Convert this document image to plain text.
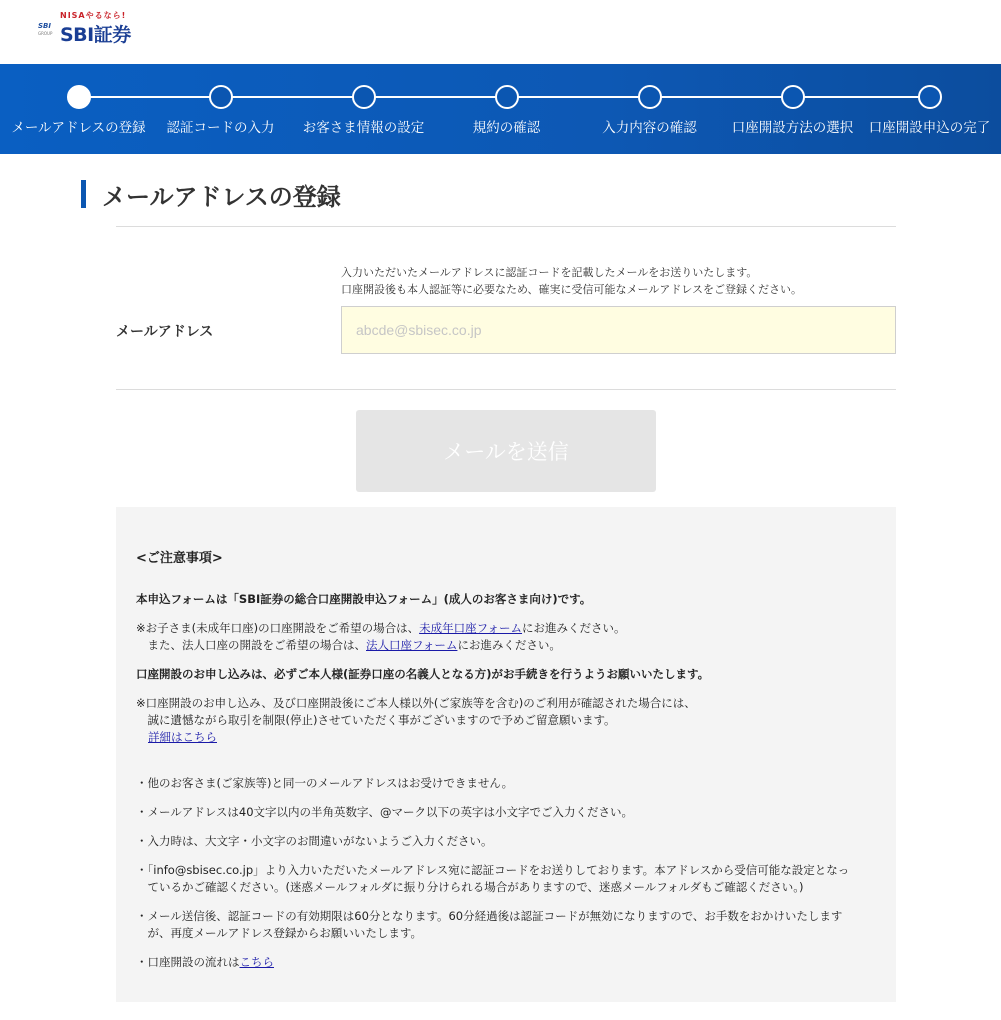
NISAやるなら!
SBI
GROUP SBI証券
メールアドレスの登録	認証コードの入力	お客さま情報の設定	規約の確認	入力内容の確認	口座開設方法の選択	口座開設申込の完了
メールアドレスの登録
入力いただいたメールアドレスに認証コードを記載したメールをお送りいたします。
口座開設後も本人認証等に必要なため、確実に受信可能なメールアドレスをご登録ください。
メールアドレス
abcde@sbisec.co.jp
メールを送信
<ご注意事項>
本申込フォームは「SBI証券の総合口座開設申込フォーム」(成人のお客さま向け)です。
※お子さま(未成年口座)の口座開設をご希望の場合は、未成年口座フォームにお進みください。
　また、法人口座の開設をご希望の場合は、法人口座フォームにお進みください。
口座開設のお申し込みは、必ずご本人様(証券口座の名義人となる方)がお手続きを行うようお願いいたします。
※口座開設のお申し込み、及び口座開設後にご本人様以外(ご家族等を含む)のご利用が確認された場合には、
　誠に遺憾ながら取引を制限(停止)させていただく事がございますので予めご留意願います。
詳細はこちら
・他のお客さま(ご家族等)と同一のメールアドレスはお受けできません。
・メールアドレスは40文字以内の半角英数字、@マーク以下の英字は小文字でご入力ください。
・入力時は、大文字・小文字のお間違いがないようご入力ください。
・「info@sbisec.co.jp」より入力いただいたメールアドレス宛に認証コードをお送りしております。本アドレスから受信可能な設定となっ
　ているかご確認ください。(迷惑メールフォルダに振り分けられる場合がありますので、迷惑メールフォルダもご確認ください。)
・メール送信後、認証コードの有効期限は60分となります。60分経過後は認証コードが無効になりますので、お手数をおかけいたします
　が、再度メールアドレス登録からお願いいたします。
・口座開設の流れはこちら
